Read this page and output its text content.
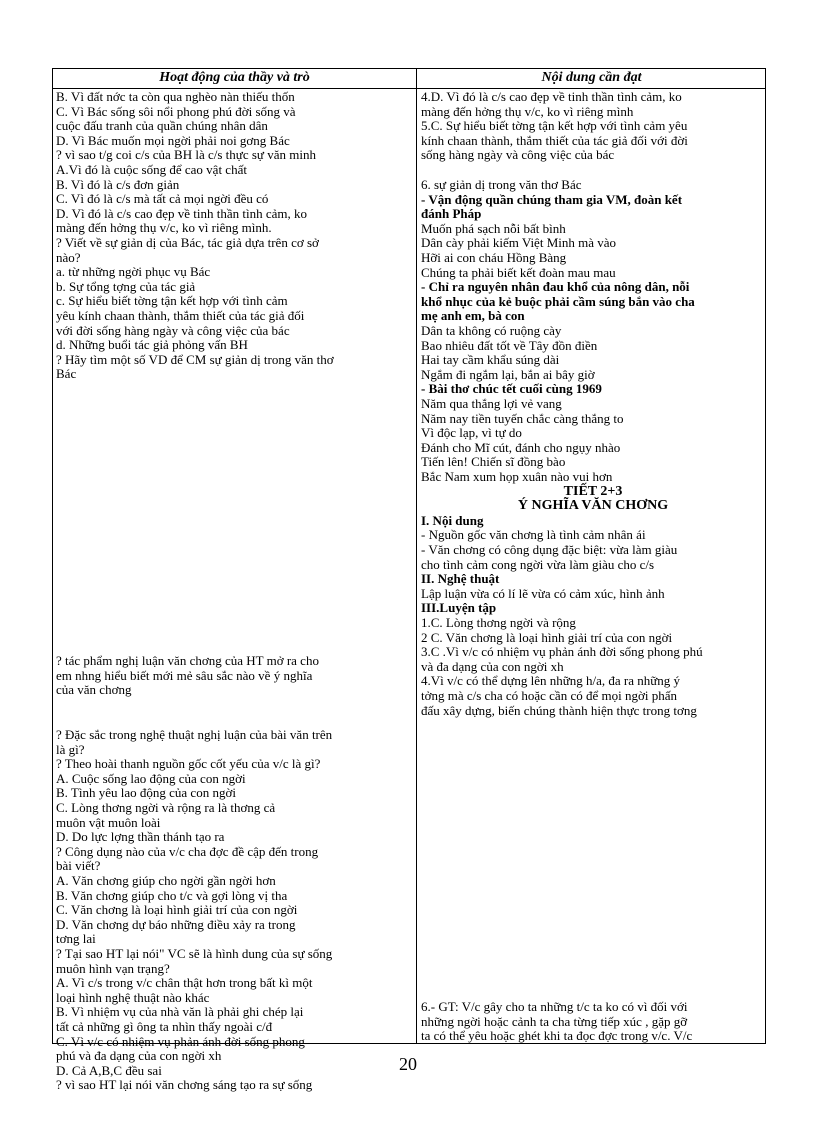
Hoạt động của thầy và trò	Nội dung cần đạt
B. Vì đất nớc ta còn qua nghèo nàn thiếu thốn
C. Vì Bác sống sôi nổi phong phú đời sống và
cuộc đấu tranh của quần chúng nhân dân
D. Vì Bác muốn mọi ngời phải noi gơng Bác
? vì sao t/g coi c/s của BH là c/s thực sự văn minh
A.Vì đó là cuộc sống để cao vật chất
B. Vì đó là c/s đơn giản
C. Vì đó là c/s mà tất cả mọi ngời đều có
D. Vì đó là c/s cao đẹp về tinh thần tình cảm, ko
màng đến hởng thụ v/c, ko vì riêng mình.
? Viết về sự giản dị của Bác, tác giả dựa trên cơ sở
nào?
a. từ những ngời phục vụ Bác
b. Sự tổng tợng của tác giả
c. Sự hiểu biết tờng tận kết hợp với tình cảm
yêu kính chaan thành, thắm thiết của tác giả đối
với đời sống hàng ngày và công việc của bác
d. Những buổi tác giả phỏng vấn BH
? Hãy tìm một số VD để CM sự giản dị trong văn thơ
Bác
? tác phẩm nghị luận văn chơng của HT mở ra cho
em nhng hiểu biết mới mẻ sâu sắc nào về ý nghĩa
của văn chơng
? Đặc sắc trong nghệ thuật nghị luận của bài văn trên
là gì?
? Theo hoài thanh nguồn gốc cốt yếu của v/c là gì?
A. Cuộc sống lao động của con ngời
B. Tình yêu lao động của con ngời
C. Lòng thơng ngời và rộng ra là thơng cả
muôn vật muôn loài
D. Do lực lợng thần thánh tạo ra
? Công dụng nào của v/c cha đợc đề cập đến trong
bài viết?
A. Văn chơng giúp cho ngời gần ngời hơn
B. Văn chơng giúp cho t/c và gợi lòng vị tha
C. Văn chơng là loại hình giải trí của con ngời
D. Văn chơng dự báo những điều xảy ra trong
tơng lai
? Tại sao HT lại nói" VC sẽ là hình dung của sự sống
muôn hình vạn trạng?
A. Vì c/s trong v/c chân thật hơn trong bất kì một
loại hình nghệ thuật nào khác
B. Vì nhiệm vụ của nhà văn là phải ghi chép lại
tất cả những gì ông ta nhìn thấy ngoài c/đ
C. Vì v/c có nhiệm vụ phản ánh đời sống phong
phú và đa dạng của con ngời xh
D. Cả A,B,C đều sai
? vì sao HT lại nói văn chơng sáng tạo ra sự sống
4.D. Vì đó là c/s cao đẹp về tinh thần tình cảm, ko
màng đến hởng thụ v/c, ko vì riêng mình
5.C. Sự hiểu biết tờng tận kết hợp với tình cảm yêu
kính chaan thành, thắm thiết của tác giả đối với đời
sống hàng ngày và công việc của bác
6. sự giản dị trong văn thơ Bác
- Vận động quần chúng tham gia VM, đoàn kết
đánh Pháp
Muốn phá sạch nỗi bất bình
Dân cày phải kiếm Việt Minh mà vào
Hỡi ai con cháu Hồng Bàng
Chúng ta phải biết kết đoàn mau mau
- Chỉ ra nguyên nhân đau khổ của nông dân, nỗi
khổ nhục của kẻ buộc phải cầm súng bắn vào cha
mẹ anh em, bà con
Dân ta không có ruộng cày
Bao nhiêu đất tốt về Tây đồn điền
Hai tay cầm khẩu súng dài
Ngắm đi ngắm lại, bắn ai bây giờ
- Bài thơ chúc tết cuối cùng 1969
Năm qua thắng lợi vẻ vang
Năm nay tiền tuyến chắc càng thắng to
Vì độc lạp, vì tự do
Đánh cho Mĩ cút, đánh cho ngụy nhào
Tiến lên! Chiến sĩ đồng bào
Bắc Nam xum họp xuân nào vui hơn
TIẾT 2+3
Ý NGHĨA VĂN CHƠNG
I. Nội dung
- Nguồn gốc văn chơng là tình cảm nhân ái
- Văn chơng có công dụng đặc biệt: vừa làm giàu
cho tình cảm cong ngời vừa làm giàu cho c/s
II. Nghệ thuật
Lập luận vừa có lí lẽ vừa có cảm xúc, hình ảnh
III.Luyện tập
1.C. Lòng thơng ngời và rộng
2 C. Văn chơng là loại hình giải trí của con ngời
3.C .Vì v/c có nhiệm vụ phản ánh đời sống phong phú
và đa dạng của con ngời xh
4.Vì v/c có thể dựng lên những h/a, đa ra những ý
tởng mà c/s cha có hoặc cần có để mọi ngời phấn
đấu xây dựng, biến chúng thành hiện thực trong tơng
6.- GT: V/c gây cho ta những t/c ta ko có vì đối với
những ngời hoặc cảnh ta cha từng tiếp xúc , gặp gỡ
ta có thể yêu hoặc ghét khi ta đọc đợc trong v/c. V/c
20
